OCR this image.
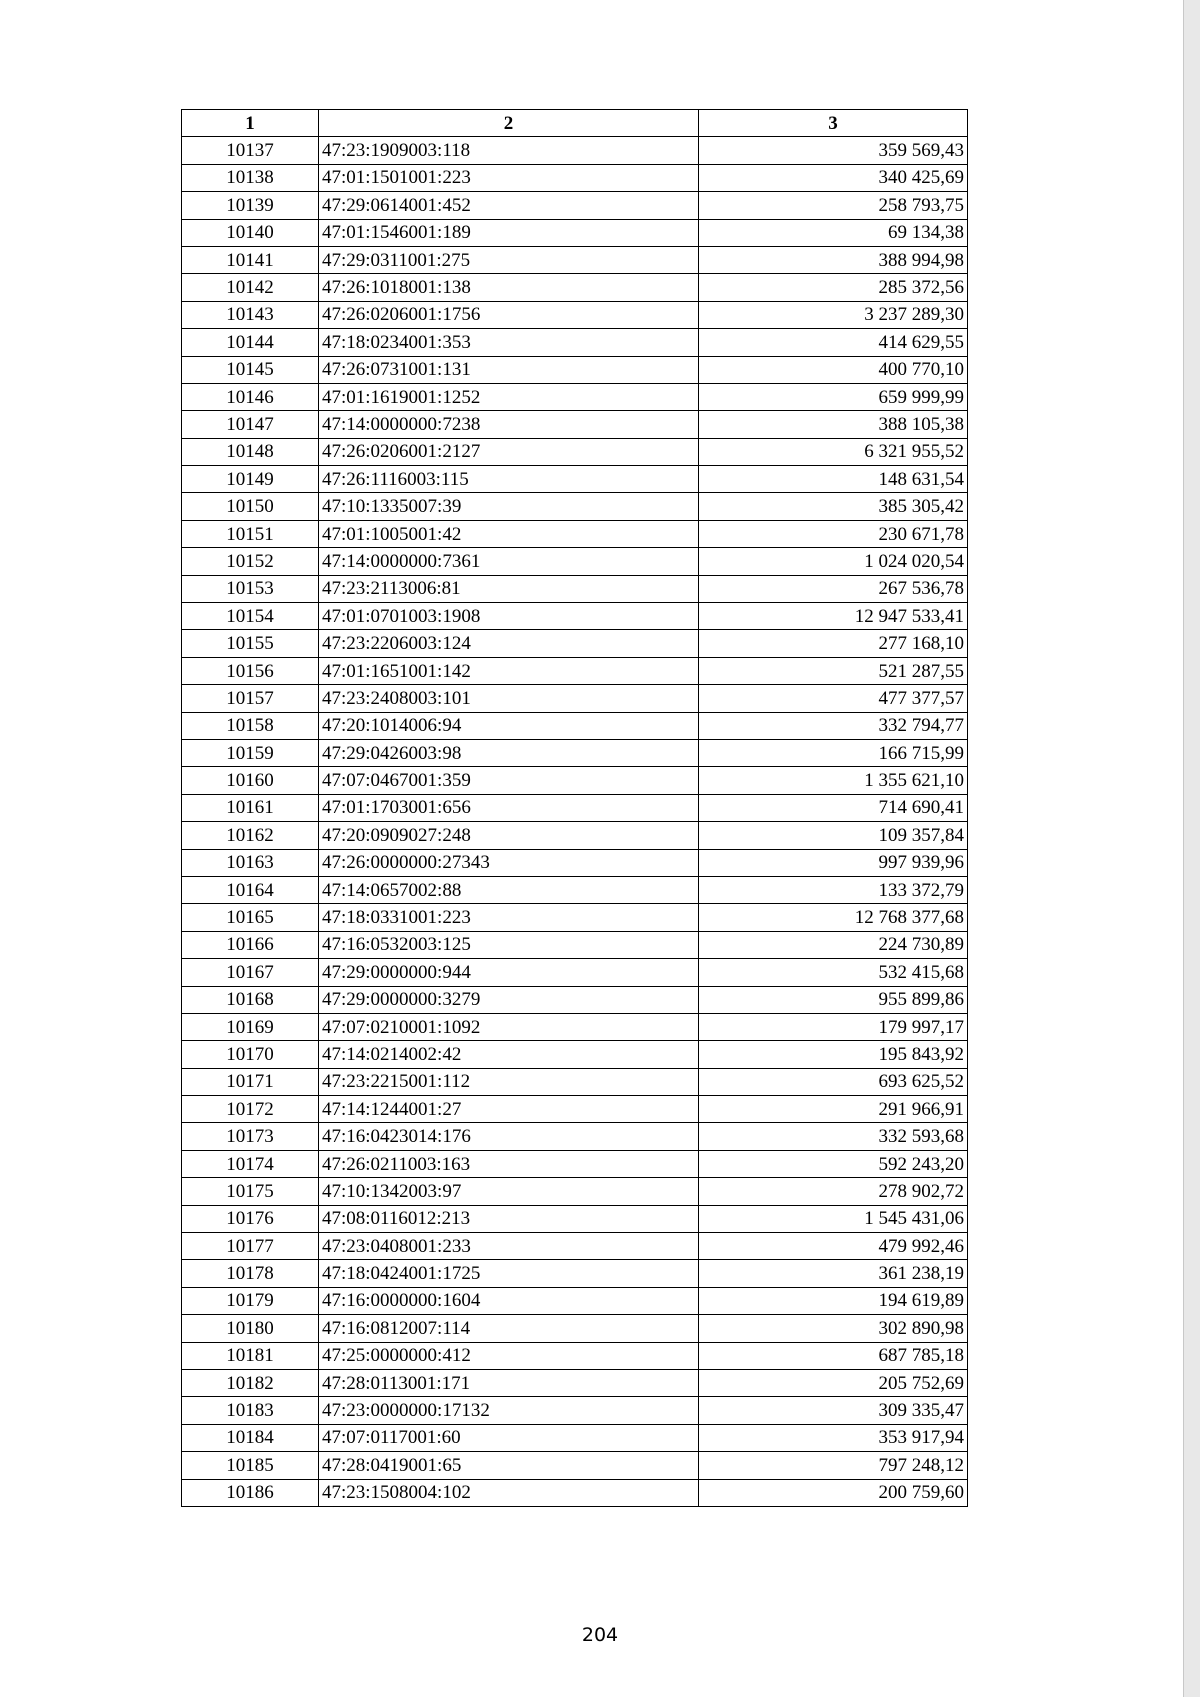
1	2	3
10137	47:23:1909003:118	359 569,43
10138	47:01:1501001:223	340 425,69
10139	47:29:0614001:452	258 793,75
10140	47:01:1546001:189	69 134,38
10141	47:29:0311001:275	388 994,98
10142	47:26:1018001:138	285 372,56
10143	47:26:0206001:1756	3 237 289,30
10144	47:18:0234001:353	414 629,55
10145	47:26:0731001:131	400 770,10
10146	47:01:1619001:1252	659 999,99
10147	47:14:0000000:7238	388 105,38
10148	47:26:0206001:2127	6 321 955,52
10149	47:26:1116003:115	148 631,54
10150	47:10:1335007:39	385 305,42
10151	47:01:1005001:42	230 671,78
10152	47:14:0000000:7361	1 024 020,54
10153	47:23:2113006:81	267 536,78
10154	47:01:0701003:1908	12 947 533,41
10155	47:23:2206003:124	277 168,10
10156	47:01:1651001:142	521 287,55
10157	47:23:2408003:101	477 377,57
10158	47:20:1014006:94	332 794,77
10159	47:29:0426003:98	166 715,99
10160	47:07:0467001:359	1 355 621,10
10161	47:01:1703001:656	714 690,41
10162	47:20:0909027:248	109 357,84
10163	47:26:0000000:27343	997 939,96
10164	47:14:0657002:88	133 372,79
10165	47:18:0331001:223	12 768 377,68
10166	47:16:0532003:125	224 730,89
10167	47:29:0000000:944	532 415,68
10168	47:29:0000000:3279	955 899,86
10169	47:07:0210001:1092	179 997,17
10170	47:14:0214002:42	195 843,92
10171	47:23:2215001:112	693 625,52
10172	47:14:1244001:27	291 966,91
10173	47:16:0423014:176	332 593,68
10174	47:26:0211003:163	592 243,20
10175	47:10:1342003:97	278 902,72
10176	47:08:0116012:213	1 545 431,06
10177	47:23:0408001:233	479 992,46
10178	47:18:0424001:1725	361 238,19
10179	47:16:0000000:1604	194 619,89
10180	47:16:0812007:114	302 890,98
10181	47:25:0000000:412	687 785,18
10182	47:28:0113001:171	205 752,69
10183	47:23:0000000:17132	309 335,47
10184	47:07:0117001:60	353 917,94
10185	47:28:0419001:65	797 248,12
10186	47:23:1508004:102	200 759,60
204
